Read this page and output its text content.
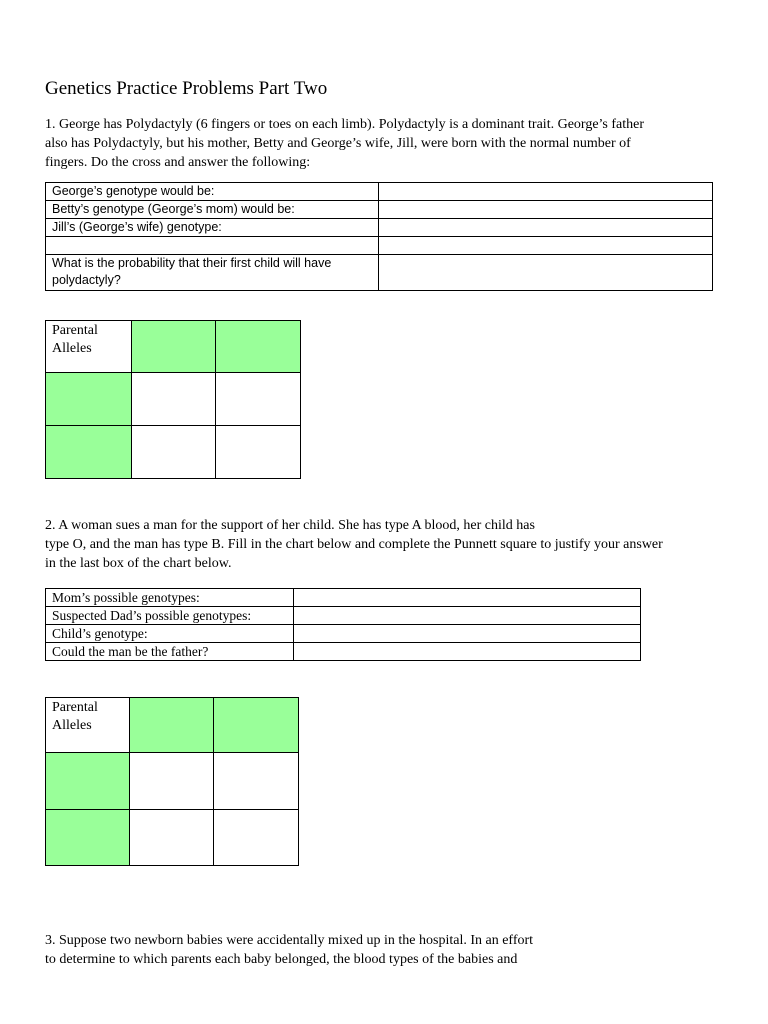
Genetics Practice Problems Part Two
1. George has Polydactyly (6 fingers or toes on each limb). Polydactyly is a dominant trait. George’s father
also has Polydactyly, but his mother, Betty and George’s wife, Jill, were born with the normal number of
fingers. Do the cross and answer the following:
George’s genotype would be:	
Betty’s genotype (George’s mom) would be:	
Jill’s (George’s wife) genotype:	

What is the probability that their first child will have polydactyly?	
Parental Alleles		

2. A woman sues a man for the support of her child. She has type A blood, her child has
type O, and the man has type B. Fill in the chart below and complete the Punnett square to justify your answer
in the last box of the chart below.
Mom’s possible genotypes:	
Suspected Dad’s possible genotypes:	
Child’s genotype:	
Could the man be the father?	
Parental Alleles		

3. Suppose two newborn babies were accidentally mixed up in the hospital. In an effort
to determine to which parents each baby belonged, the blood types of the babies and
